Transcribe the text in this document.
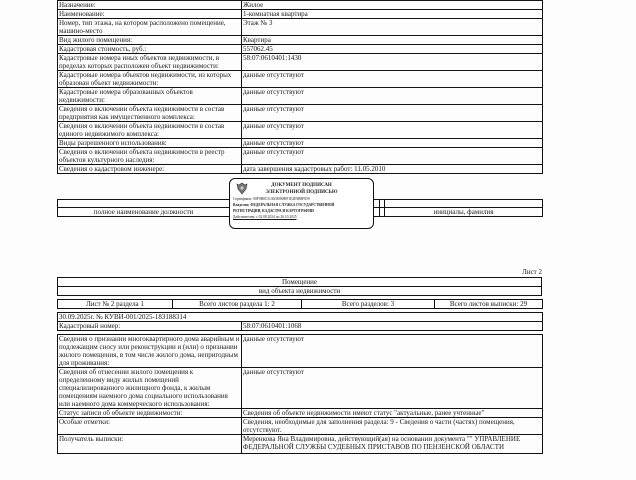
Назначение:	Жилое
Наименование:	1-комнатная квартира
Номер, тип этажа, на котором расположено помещение, машино-место	Этаж № 3
Вид жилого помещения:	Квартира
Кадастровая стоимость, руб.:	557062.45
Кадастровые номера иных объектов недвижимости, в пределах которых расположен объект недвижимости:	58:07:0610401:1430
Кадастровые номера объектов недвижимости, из которых образован объект недвижимости:	данные отсутствуют
Кадастровые номера образованных объектов недвижимости:	данные отсутствуют
Сведения о включении объекта недвижимости в состав предприятия как имущественного комплекса:	данные отсутствуют
Сведения о включении объекта недвижимости в состав единого недвижимого комплекса:	данные отсутствуют
Виды разрешенного использования:	данные отсутствуют
Сведения о включении объекта недвижимости в реестр объектов культурного наследия:	данные отсутствуют
Сведения о кадастровом инженере:	дата завершения кадастровых работ: 11.05.2010

полное наименование должности			инициалы, фамилия
ДОКУМЕНТ ПОДПИСАН
ЭЛЕКТРОННОЙ ПОДПИСЬЮ
Сертификат: 00F9B0C51A65E8689F1E2E9B8F859
Владелец: ФЕДЕРАЛЬНАЯ СЛУЖБА ГОСУДАРСТВЕННОЙ
РЕГИСТРАЦИИ, КАДАСТРА И КАРТОГРАФИИ
Действителен: с 02.08.2024 по 26.10.2025
Лист 2
Помещение
вид объекта недвижимости
Лист № 2 раздела 1	Всего листов раздела 1: 2	Всего разделов: 3	Всего листов выписки: 29
30.09.2025г. № КУВИ-001/2025-183188314
Кадастровый номер:	58:07:0610401:1068
Сведения о признании многоквартирного дома аварийным и подлежащим сносу или реконструкции и (или) о признании жилого помещения, в том числе жилого дома, непригодным для проживания:	данные отсутствуют
Сведения об отнесении жилого помещения к определенному виду жилых помещений специализированного жилищного фонда, к жилым помещениям наемного дома социального использования или наемного дома коммерческого использования:	данные отсутствуют
Статус записи об объекте недвижимости:	Сведения об объекте недвижимости имеют статус "актуальные, ранее учтенные"
Особые отметки:	Сведения, необходимые для заполнения раздела: 9 - Сведения о части (частях) помещения, отсутствуют.
Получатель выписки:	Меренкова Яна Владимировна, действующий(ая) на основании документа "" УПРАВЛЕНИЕ ФЕДЕРАЛЬНОЙ СЛУЖБЫ СУДЕБНЫХ ПРИСТАВОВ ПО ПЕНЗЕНСКОЙ ОБЛАСТИ
